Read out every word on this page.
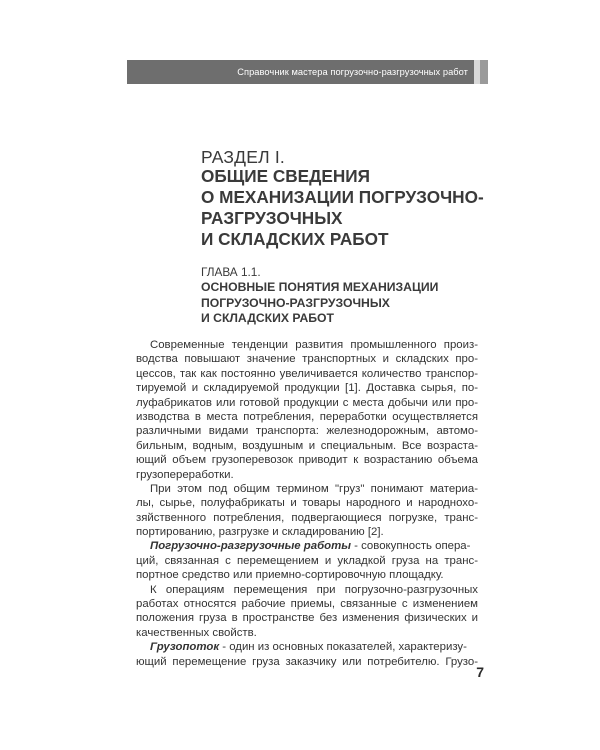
Справочник мастера погрузочно-разгрузочных работ
РАЗДЕЛ I.
ОБЩИЕ СВЕДЕНИЯ
О МЕХАНИЗАЦИИ ПОГРУЗОЧНО-
РАЗГРУЗОЧНЫХ
И СКЛАДСКИХ РАБОТ
ГЛАВА 1.1.
ОСНОВНЫЕ ПОНЯТИЯ МЕХАНИЗАЦИИ
ПОГРУЗОЧНО-РАЗГРУЗОЧНЫХ
И СКЛАДСКИХ РАБОТ
Современные тенденции развития промышленного произ-
водства повышают значение транспортных и складских про-
цессов, так как постоянно увеличивается количество транспор-
тируемой и складируемой продукции [1]. Доставка сырья, по-
луфабрикатов или готовой продукции с места добычи или про-
изводства в места потребления, переработки осуществляется
различными видами транспорта: железнодорожным, автомо-
бильным, водным, воздушным и специальным. Все возраста-
ющий объем грузоперевозок приводит к возрастанию объема
грузопереработки.
При этом под общим термином "груз" понимают материа-
лы, сырье, полуфабрикаты и товары народного и народнохо-
зяйственного потребления, подвергающиеся погрузке, транс-
портированию, разгрузке и складированию [2].
Погрузочно-разгрузочные работы - совокупность опера-
ций, связанная с перемещением и укладкой груза на транс-
портное средство или приемно-сортировочную площадку.
К операциям перемещения при погрузочно-разгрузочных
работах относятся рабочие приемы, связанные с изменением
положения груза в пространстве без изменения физических и
качественных свойств.
Грузопоток - один из основных показателей, характеризу-
ющий перемещение груза заказчику или потребителю. Грузо-
7
